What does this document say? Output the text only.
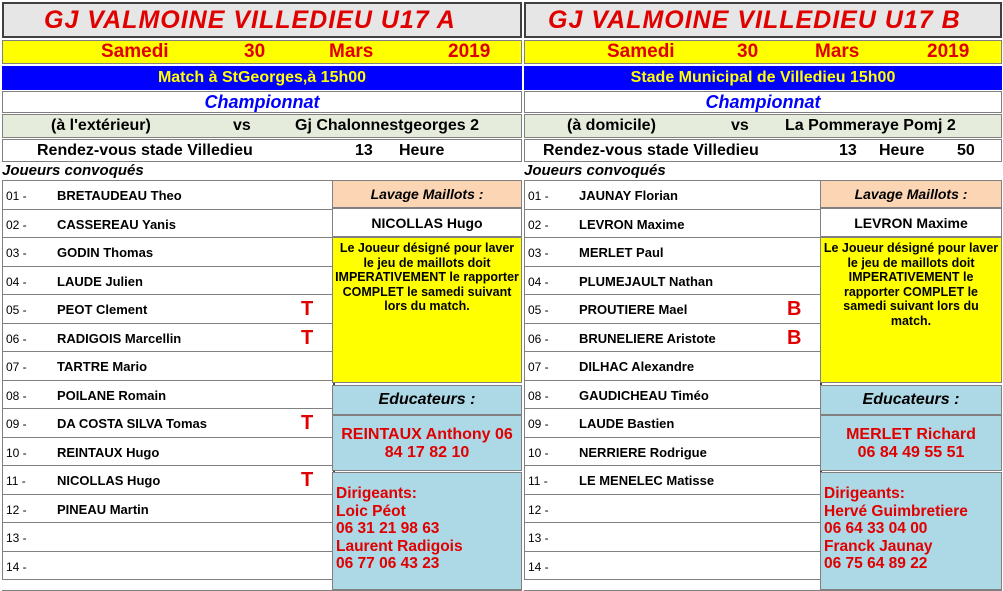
GJ VALMOINE VILLEDIEU U17 A
Samedi	30	Mars	2019
Match à StGeorges,à 15h00
Championnat
(à l'extérieur)	vs	Gj Chalonnestgeorges 2
Rendez-vous stade Villedieu	13 Heure
Joueurs convoqués
01 - BRETAUDEAU Theo
02 - CASSEREAU Yanis
03 - GODIN Thomas
04 - LAUDE Julien
05 - PEOT Clement	T
06 - RADIGOIS Marcellin	T
07 - TARTRE Mario
08 - POILANE Romain
09 - DA COSTA SILVA Tomas	T
10 - REINTAUX Hugo
11 - NICOLLAS Hugo	T
12 - PINEAU Martin
13 -
14 -
Lavage Maillots :
NICOLLAS Hugo
Le Joueur désigné pour laver le jeu de maillots doit IMPERATIVEMENT le rapporter COMPLET le samedi suivant lors du match.
Educateurs :
REINTAUX Anthony 06
84 17 82 10
Dirigeants:
Loic Péot
06 31 21 98 63
Laurent Radigois
06 77 06 43 23
GJ VALMOINE VILLEDIEU U17 B
Samedi	30	Mars	2019
Stade Municipal de Villedieu 15h00
Championnat
(à domicile)	vs La Pommeraye Pomj 2
Rendez-vous stade Villedieu	13 Heure 50
Joueurs convoqués
01 - JAUNAY Florian
02 - LEVRON Maxime
03 - MERLET Paul
04 - PLUMEJAULT Nathan
05 - PROUTIERE Mael	B
06 - BRUNELIERE Aristote	B
07 - DILHAC Alexandre
08 - GAUDICHEAU Timéo
09 - LAUDE Bastien
10 - NERRIERE Rodrigue
11 - LE MENELEC Matisse
12 -
13 -
14 -
Lavage Maillots :
LEVRON Maxime
Le Joueur désigné pour laver le jeu de maillots doit IMPERATIVEMENT le rapporter COMPLET le samedi suivant lors du match.
Educateurs :
MERLET Richard
06 84 49 55 51
Dirigeants:
Hervé Guimbretiere
06 64 33 04 00
Franck Jaunay
06 75 64 89 22
